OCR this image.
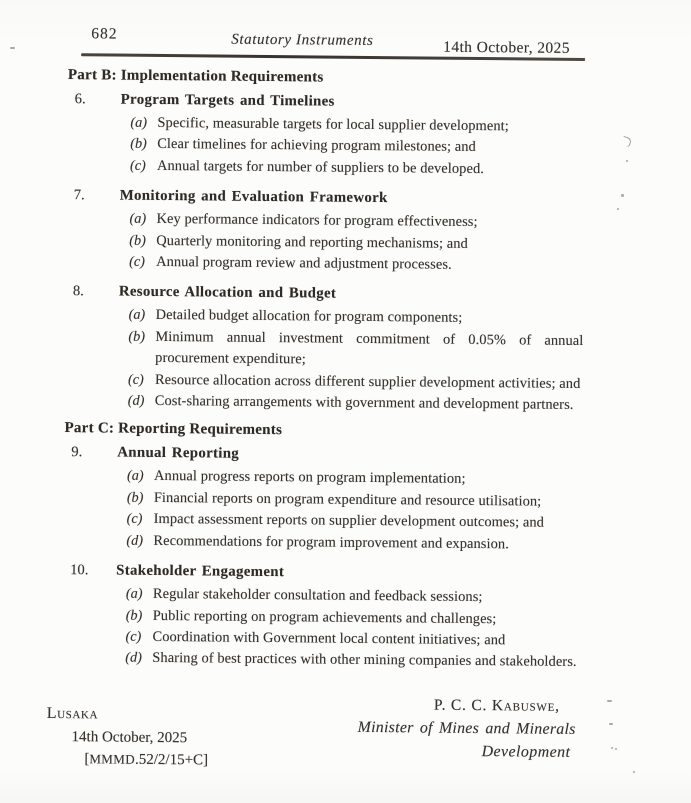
682	Statutory Instruments	14th October, 2025
Part B: Implementation Requirements
6.	Program Targets and Timelines
(a) Specific, measurable targets for local supplier development;
(b) Clear timelines for achieving program milestones; and
(c) Annual targets for number of suppliers to be developed.
7.	Monitoring and Evaluation Framework
(a) Key performance indicators for program effectiveness;
(b) Quarterly monitoring and reporting mechanisms; and
(c) Annual program review and adjustment processes.
8.	Resource Allocation and Budget
(a) Detailed budget allocation for program components;
(b) Minimum annual investment commitment of 0.05% of annual procurement expenditure;
(c) Resource allocation across different supplier development activities; and
(d) Cost-sharing arrangements with government and development partners.
Part C: Reporting Requirements
9.	Annual Reporting
(a) Annual progress reports on program implementation;
(b) Financial reports on program expenditure and resource utilisation;
(c) Impact assessment reports on supplier development outcomes; and
(d) Recommendations for program improvement and expansion.
10.	Stakeholder Engagement
(a) Regular stakeholder consultation and feedback sessions;
(b) Public reporting on program achievements and challenges;
(c) Coordination with Government local content initiatives; and
(d) Sharing of best practices with other mining companies and stakeholders.
Lusaka
14th October, 2025
[MMMD.52/2/15+C]
P. C. C. Kabuswe,
Minister of Mines and Minerals
Development
